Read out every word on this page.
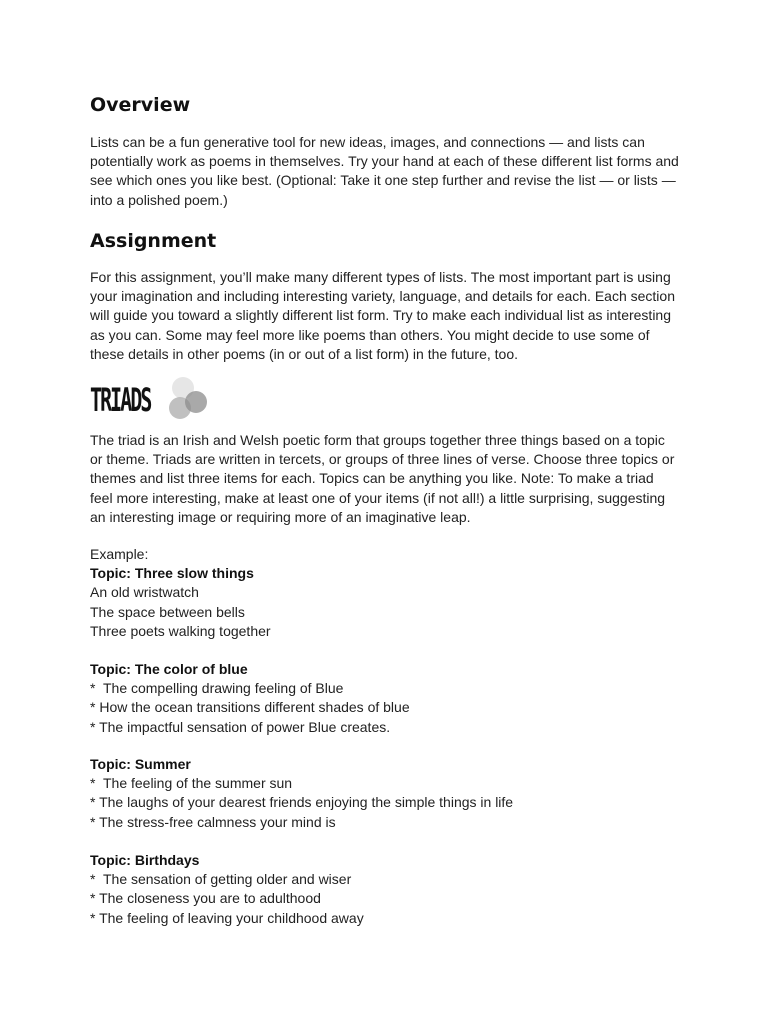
Overview

Lists can be a fun generative tool for new ideas, images, and connections — and lists can potentially work as poems in themselves. Try your hand at each of these different list forms and see which ones you like best. (Optional: Take it one step further and revise the list — or lists — into a polished poem.)

Assignment

For this assignment, you’ll make many different types of lists. The most important part is using your imagination and including interesting variety, language, and details for each. Each section will guide you toward a slightly different list form. Try to make each individual list as interesting as you can. Some may feel more like poems than others. You might decide to use some of these details in other poems (in or out of a list form) in the future, too.

TRIADS

The triad is an Irish and Welsh poetic form that groups together three things based on a topic or theme. Triads are written in tercets, or groups of three lines of verse. Choose three topics or themes and list three items for each. Topics can be anything you like. Note: To make a triad feel more interesting, make at least one of your items (if not all!) a little surprising, suggesting an interesting image or requiring more of an imaginative leap.

Example:
Topic: Three slow things
An old wristwatch
The space between bells
Three poets walking together
Topic: The color of blue
*  The compelling drawing feeling of Blue
* How the ocean transitions different shades of blue
* The impactful sensation of power Blue creates.
Topic: Summer
*  The feeling of the summer sun
* The laughs of your dearest friends enjoying the simple things in life
* The stress-free calmness your mind is
Topic: Birthdays
*  The sensation of getting older and wiser
* The closeness you are to adulthood
* The feeling of leaving your childhood away
